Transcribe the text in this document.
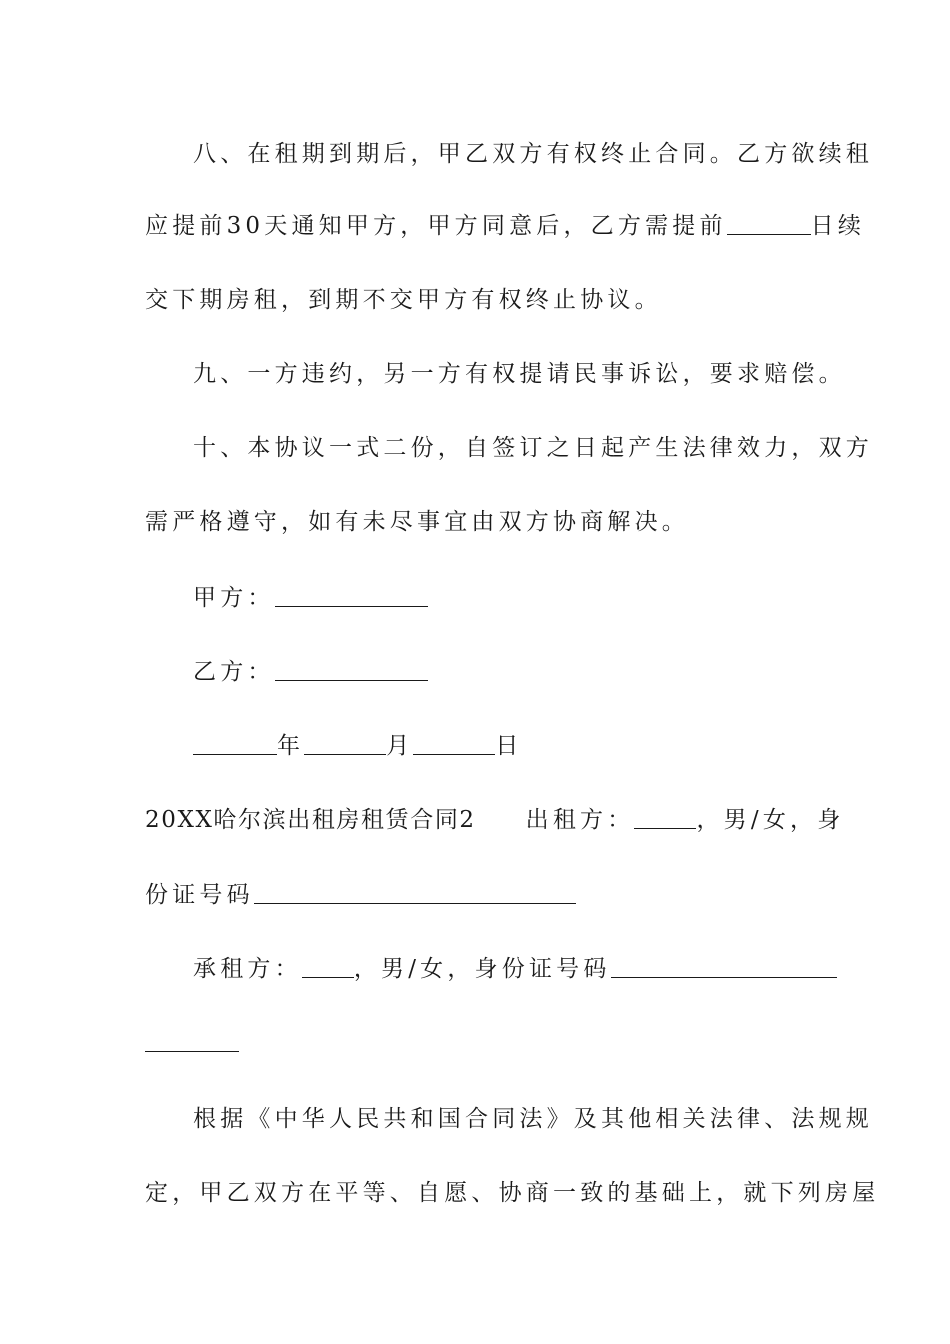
八、在租期到期后，甲乙双方有权终止合同。乙方欲续租
应提前30天通知甲方，甲方同意后，乙方需提前	日续
交下期房租，到期不交甲方有权终止协议。
九、一方违约，另一方有权提请民事诉讼，要求赔偿。
十、本协议一式二份，自签订之日起产生法律效力，双方
需严格遵守，如有未尽事宜由双方协商解决。
甲方：
乙方：
年	月	日
20XX哈尔滨出租房租赁合同2 出租方：	，男/女，身
份证号码
承租方： ，男/女，身份证号码
根据《中华人民共和国合同法》及其他相关法律、法规规
定，甲乙双方在平等、自愿、协商一致的基础上，就下列房屋
